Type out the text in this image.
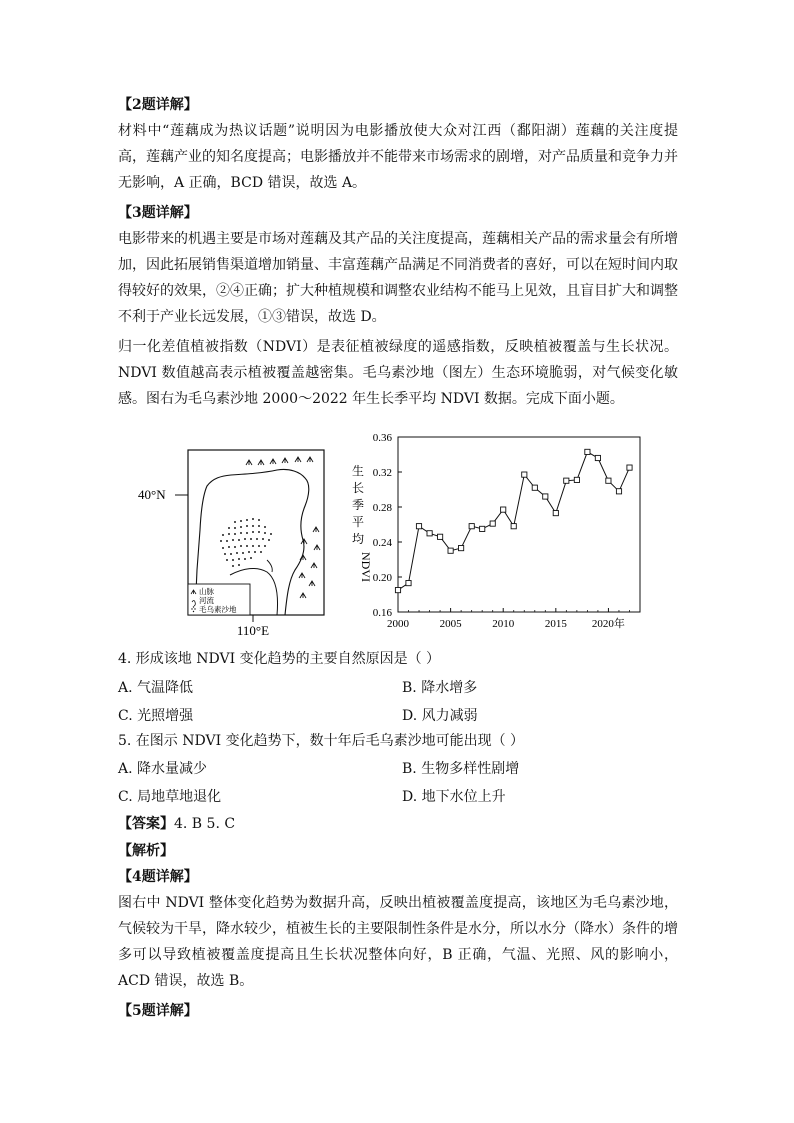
【2题详解】

材料中“莲藕成为热议话题”说明因为电影播放使大众对江西（鄱阳湖）莲藕的关注度提高，莲藕产业的知名度提高；电影播放并不能带来市场需求的剧增，对产品质量和竞争力并无影响，A 正确，BCD 错误，故选 A。

【3题详解】

电影带来的机遇主要是市场对莲藕及其产品的关注度提高，莲藕相关产品的需求量会有所增加，因此拓展销售渠道增加销量、丰富莲藕产品满足不同消费者的喜好，可以在短时间内取得较好的效果，②④正确；扩大种植规模和调整农业结构不能马上见效，且盲目扩大和调整不利于产业长远发展，①③错误，故选 D。

归一化差值植被指数（NDVI）是表征植被绿度的遥感指数，反映植被覆盖与生长状况。NDVI 数值越高表示植被覆盖越密集。毛乌素沙地（图左）生态环境脆弱，对气候变化敏感。图右为毛乌素沙地 2000～2022 年生长季平均 NDVI 数据。完成下面小题。

40°N
110°E
山脉
河流
毛乌素沙地
生
长
季
平
均
NDVI
0.36
0.32
0.28
0.24
0.20
0.16
2000	2005	2010	2015 2020年
4. 形成该地 NDVI 变化趋势的主要自然原因是（ ）
A. 气温降低	B. 降水增多
C. 光照增强	D. 风力减弱
5. 在图示 NDVI 变化趋势下，数十年后毛乌素沙地可能出现（ ）
A. 降水量减少	B. 生物多样性剧增
C. 局地草地退化	D. 地下水位上升
【答案】4. B 5. C
【解析】
【4题详解】

图右中 NDVI 整体变化趋势为数据升高，反映出植被覆盖度提高，该地区为毛乌素沙地，气候较为干旱，降水较少，植被生长的主要限制性条件是水分，所以水分（降水）条件的增多可以导致植被覆盖度提高且生长状况整体向好，B 正确，气温、光照、风的影响小，ACD 错误，故选 B。

【5题详解】
